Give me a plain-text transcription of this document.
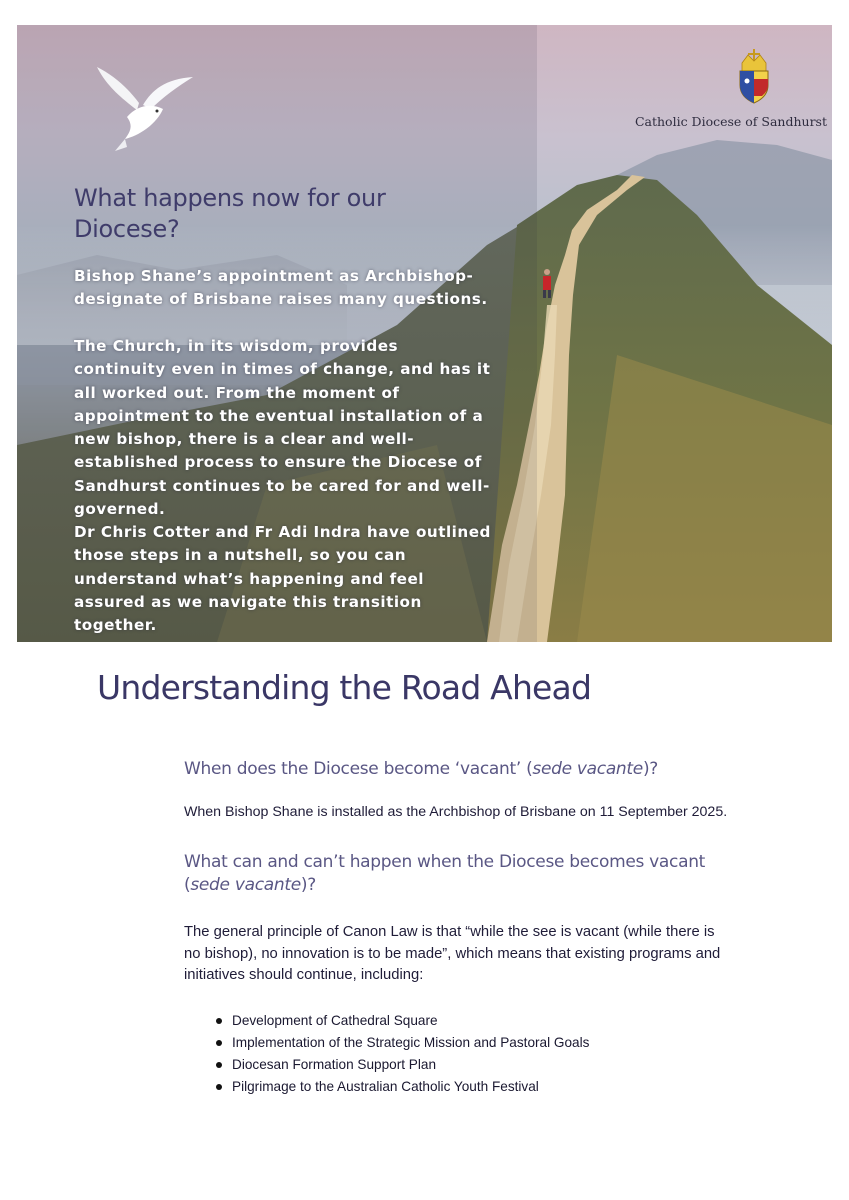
Catholic Diocese of Sandhurst
What happens now for our Diocese?

Bishop Shane’s appointment as Archbishop-designate of Brisbane raises many questions.

The Church, in its wisdom, provides continuity even in times of change, and has it all worked out. From the moment of appointment to the eventual installation of a new bishop, there is a clear and well-established process to ensure the Diocese of Sandhurst continues to be cared for and well-governed.

Dr Chris Cotter and Fr Adi Indra have outlined those steps in a nutshell, so you can understand what’s happening and feel assured as we navigate this transition together.

Understanding the Road Ahead
When does the Diocese become ‘vacant’ (sede vacante)?

When Bishop Shane is installed as the Archbishop of Brisbane on 11 September 2025.

What can and can’t happen when the Diocese becomes vacant (sede vacante)?

The general principle of Canon Law is that “while the see is vacant (while there is no bishop), no innovation is to be made”, which means that existing programs and initiatives should continue, including:

Development of Cathedral Square
Implementation of the Strategic Mission and Pastoral Goals
Diocesan Formation Support Plan
Pilgrimage to the Australian Catholic Youth Festival
